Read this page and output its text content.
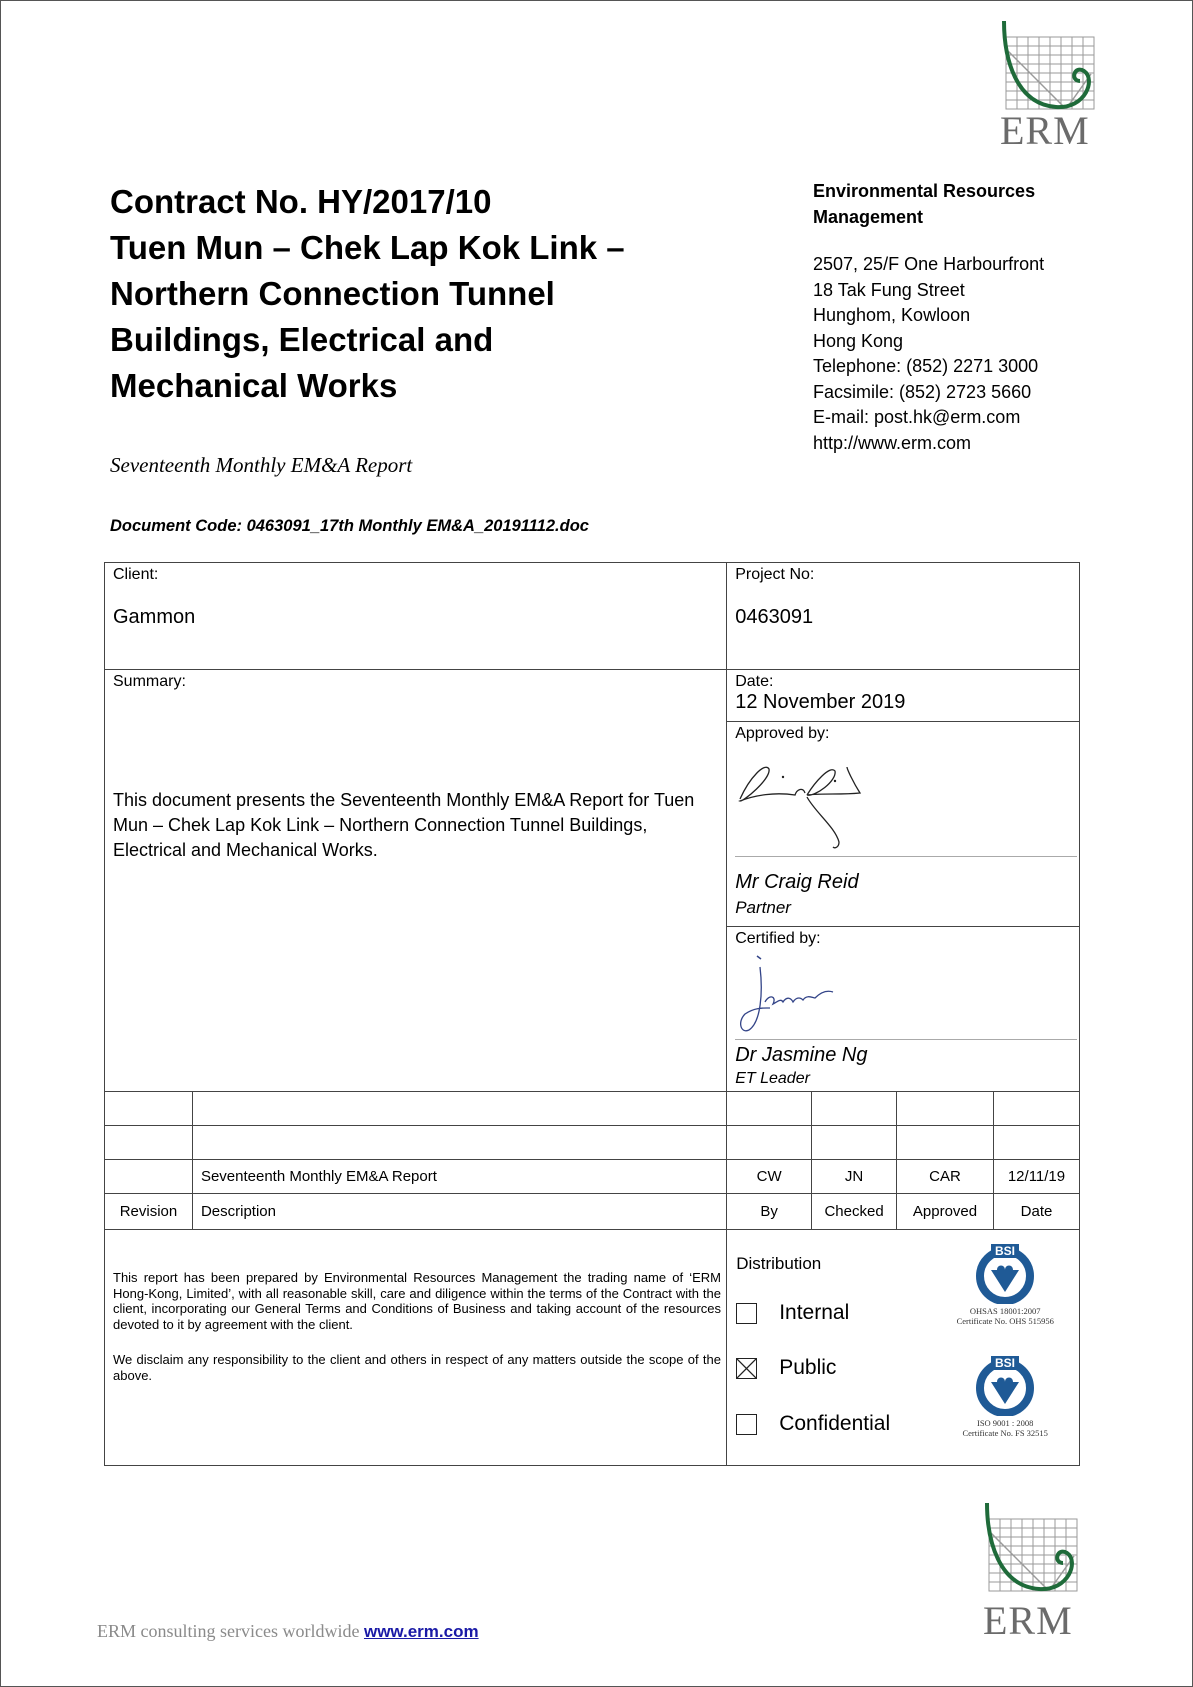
ERM
Contract No. HY/2017/10
Tuen Mun – Chek Lap Kok Link –
Northern Connection Tunnel
Buildings, Electrical and
Mechanical Works
Environmental Resources
Management
2507, 25/F One Harbourfront
18 Tak Fung Street
Hunghom, Kowloon
Hong Kong
Telephone: (852) 2271 3000
Facsimile: (852) 2723 5660
E-mail: post.hk@erm.com
http://www.erm.com
Seventeenth Monthly EM&A Report
Document Code: 0463091_17th Monthly EM&A_20191112.doc
Client:
Gammon

Project No:
0463091

Summary:
This document presents the Seventeenth Monthly EM&A Report for Tuen Mun – Chek Lap Kok Link – Northern Connection Tunnel Buildings, Electrical and Mechanical Works.

Date:
12 November 2019

		Approved by:
Mr Craig Reid
Partner			

		Certified by:
Dr Jasmine Ng
ET Leader			

	Seventeenth Monthly EM&A Report	CW	JN	CAR	12/11/19
Revision	Description	By	Checked	Approved	Date

This report has been prepared by Environmental Resources Management the trading name of ‘ERM Hong-Kong, Limited’, with all reasonable skill, care and diligence within the terms of the Contract with the client, incorporating our General Terms and Conditions of Business and taking account of the resources devoted to it by agreement with the client.
We disclaim any responsibility to the client and others in respect of any matters outside the scope of the above.

Distribution
Internal
Public
Confidential
BSI
OHSAS 18001:2007
Certificate No. OHS 515956
BSI
ISO 9001 : 2008
Certificate No. FS 32515
ERM consulting services worldwide www.erm.com	ERM
